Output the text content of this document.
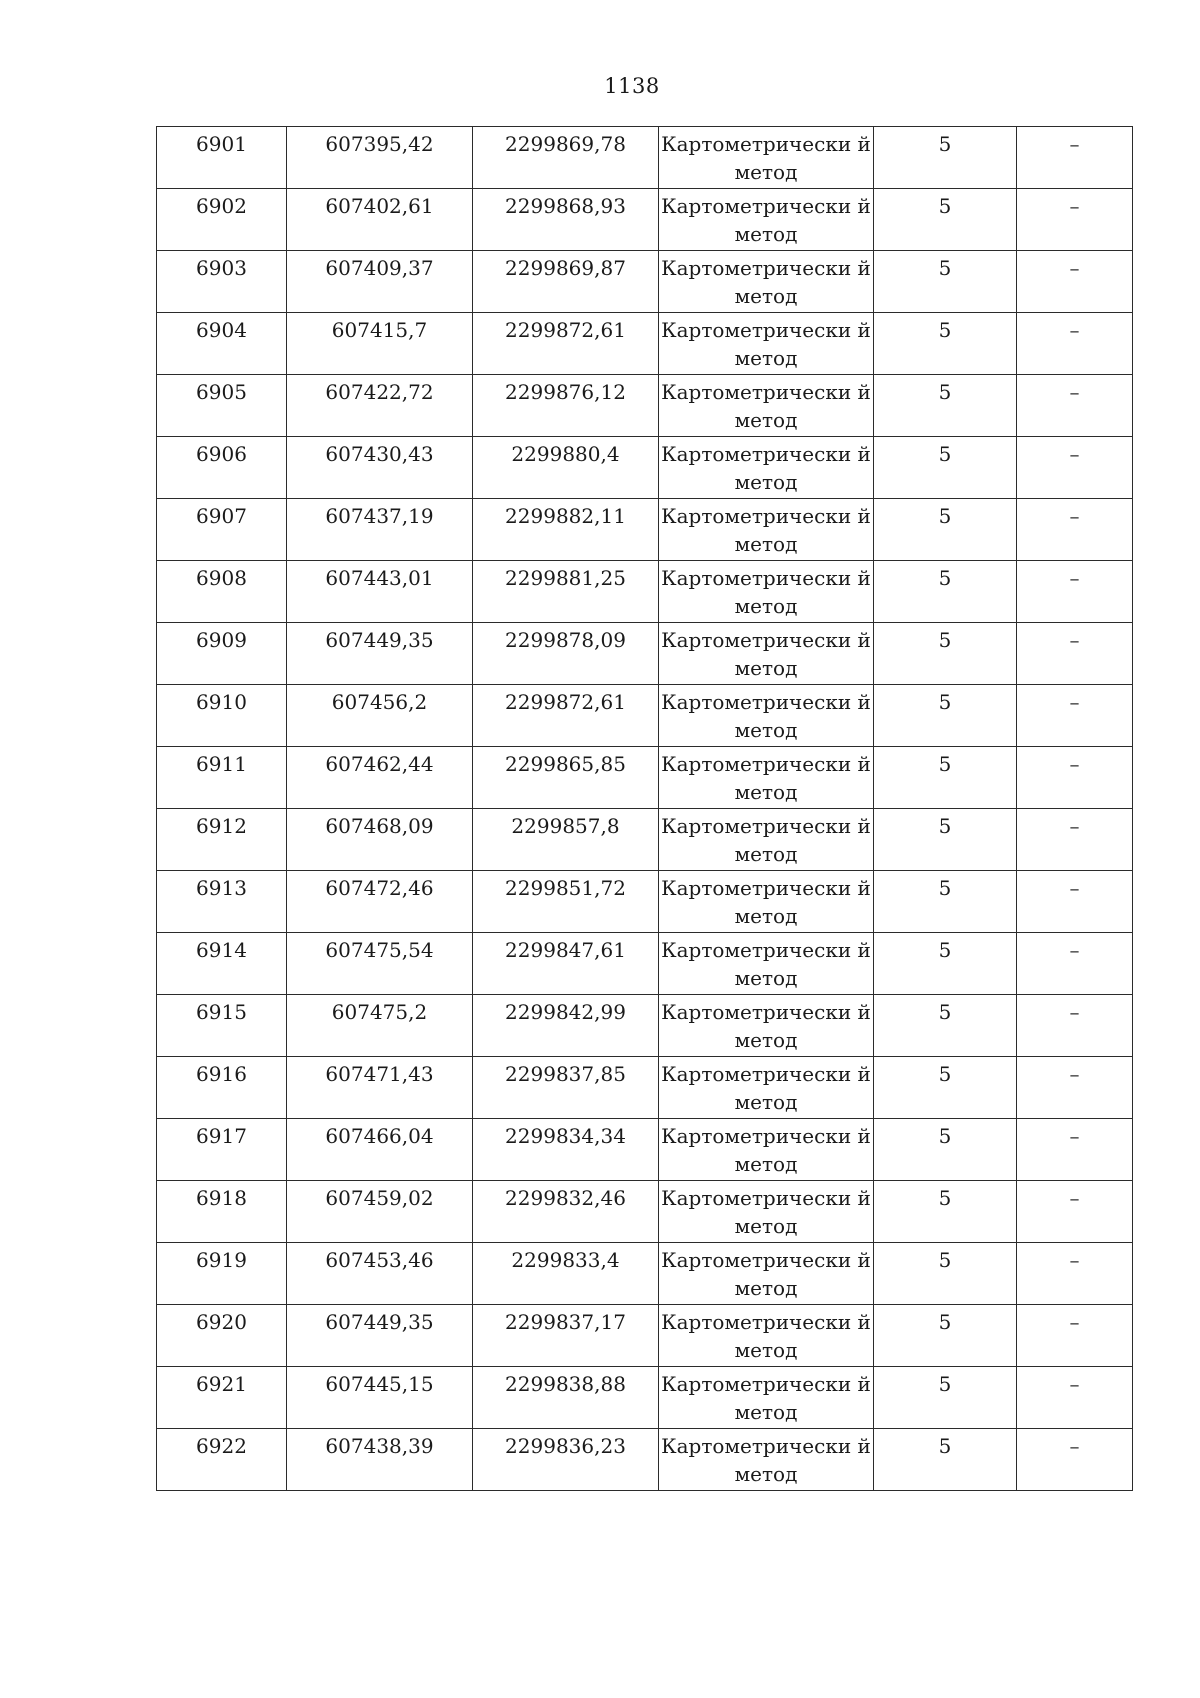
1138
6901	607395,42	2299869,78	Картометрически й метод	5	–
6902	607402,61	2299868,93	Картометрически й метод	5	–
6903	607409,37	2299869,87	Картометрически й метод	5	–
6904	607415,7	2299872,61	Картометрически й метод	5	–
6905	607422,72	2299876,12	Картометрически й метод	5	–
6906	607430,43	2299880,4	Картометрически й метод	5	–
6907	607437,19	2299882,11	Картометрически й метод	5	–
6908	607443,01	2299881,25	Картометрически й метод	5	–
6909	607449,35	2299878,09	Картометрически й метод	5	–
6910	607456,2	2299872,61	Картометрически й метод	5	–
6911	607462,44	2299865,85	Картометрически й метод	5	–
6912	607468,09	2299857,8	Картометрически й метод	5	–
6913	607472,46	2299851,72	Картометрически й метод	5	–
6914	607475,54	2299847,61	Картометрически й метод	5	–
6915	607475,2	2299842,99	Картометрически й метод	5	–
6916	607471,43	2299837,85	Картометрически й метод	5	–
6917	607466,04	2299834,34	Картометрически й метод	5	–
6918	607459,02	2299832,46	Картометрически й метод	5	–
6919	607453,46	2299833,4	Картометрически й метод	5	–
6920	607449,35	2299837,17	Картометрически й метод	5	–
6921	607445,15	2299838,88	Картометрически й метод	5	–
6922	607438,39	2299836,23	Картометрически й метод	5	–
